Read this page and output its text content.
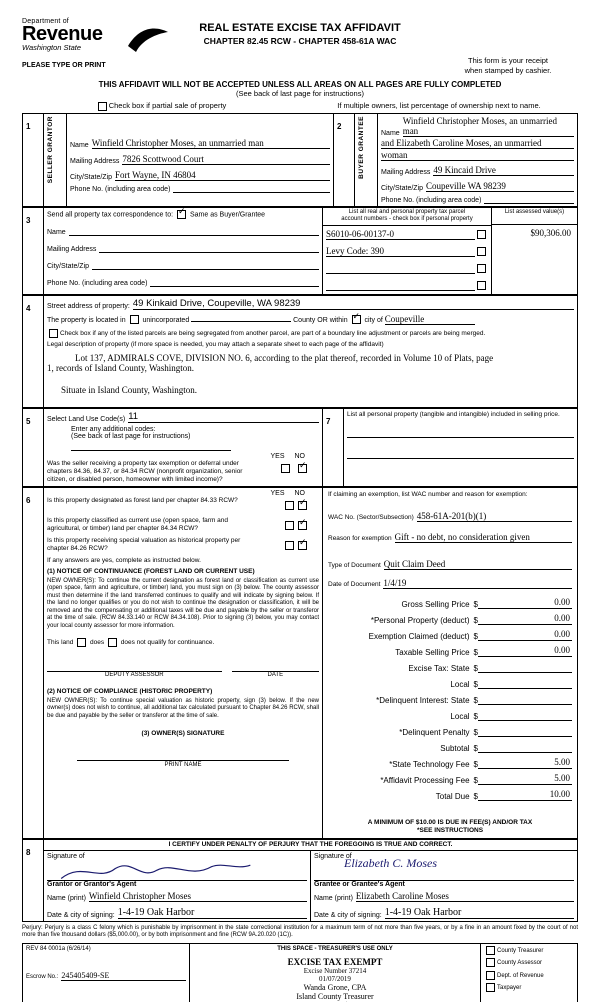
Department of
Revenue
Washington State
REAL ESTATE EXCISE TAX AFFIDAVIT
CHAPTER 82.45 RCW - CHAPTER 458-61A WAC
PLEASE TYPE OR PRINT
This form is your receipt
when stamped by cashier.
THIS AFFIDAVIT WILL NOT BE ACCEPTED UNLESS ALL AREAS ON ALL PAGES ARE FULLY COMPLETED
(See back of last page for instructions)
Check box if partial sale of property	If multiple owners, list percentage of ownership next to name.
1	SELLER GRANTOR	Name Winfield Christopher Moses, an unmarried man
Mailing Address 7826 Scottwood Court
City/State/Zip Fort Wayne, IN 46804
Phone No. (including area code)
	2	BUYER GRANTEE	Name
Winfield Christopher Moses, an unmarried man
and Elizabeth Caroline Moses, an unmarried
woman
Mailing Address 49 Kincaid Drive
City/State/Zip Coupeville WA 98239
Phone No. (including area code)
3	
Send all property tax correspondence to: ✓ Same as Buyer/Grantee
Name
Mailing Address
City/State/Zip
Phone No. (including area code)

List all real and personal property tax parcel
account numbers - check box if personal property
S6010-06-00137-0
Levy Code: 390

List assessed value(s)
$90,306.00
4	Street address of property: 49 Kinkaid Drive, Coupeville, WA 98239
The property is located in unincorporated	County OR within ✓ city of Coupeville
Check box if any of the listed parcels are being segregated from another parcel, are part of a boundary line adjustment or parcels are being merged.
Legal description of property (if more space is needed, you may attach a separate sheet to each page of the affidavit)
Lot 137, ADMIRALS COVE, DIVISION NO. 6, according to the plat thereof, recorded in Volume 10 of Plats, page
1, records of Island County, Washington.
Situate in Island County, Washington.
5	Select Land Use Code(s) 11
Enter any additional codes:
(See back of last page for instructions)
YES NO
Was the seller receiving a property tax exemption or deferral under
chapters 84.36, 84.37, or 84.34 RCW (nonprofit organization, senior
citizen, or disabled person, homeowner with limited income)?
✓
	7	
List all personal property (tangible and intangible) included in selling price.
6	
YES NO
Is this property designated as forest land per chapter 84.33 RCW?
✓
Is this property classified as current use (open space, farm and
agricultural, or timber) land per chapter 84.34 RCW?
✓
Is this property receiving special valuation as historical property per
chapter 84.26 RCW?
✓
If any answers are yes, complete as instructed below.
(1) NOTICE OF CONTINUANCE (FOREST LAND OR CURRENT USE)
NEW OWNER(S): To continue the current designation as forest land or classification as current use (open space, farm and agriculture, or timber) land, you must sign on (3) below. The county assessor must then determine if the land transferred continues to qualify and will indicate by signing below. If the land no longer qualifies or you do not wish to continue the designation or classification, it will be removed and the compensating or additional taxes will be due and payable by the seller or transferor at the time of sale. (RCW 84.33.140 or RCW 84.34.108). Prior to signing (3) below, you may contact your local county assessor for more information.
This land	does	does not qualify for continuance.
DEPUTY ASSESSOR	DATE
(2) NOTICE OF COMPLIANCE (HISTORIC PROPERTY)
NEW OWNER(S): To continue special valuation as historic property, sign (3) below. If the new owner(s) does not wish to continue, all additional tax calculated pursuant to Chapter 84.26 RCW, shall be due and payable by the seller or transferor at the time of sale.
(3) OWNER(S) SIGNATURE
PRINT NAME

If claiming an exemption, list WAC number and reason for exemption:
WAC No. (Sector/Subsection) 458-61A-201(b)(1)
Reason for exemption Gift - no debt, no consideration given
Type of Document Quit Claim Deed
Date of Document 1/4/19
Gross Selling Price $	0.00
*Personal Property (deduct) $	0.00
Exemption Claimed (deduct) $	0.00
Taxable Selling Price $	0.00
Excise Tax: State $
Local $
*Delinquent Interest: State $
Local $
*Delinquent Penalty $
Subtotal $
*State Technology Fee $	5.00
*Affidavit Processing Fee $	5.00
Total Due $	10.00
A MINIMUM OF $10.00 IS DUE IN FEE(S) AND/OR TAX
*SEE INSTRUCTIONS
8	
I CERTIFY UNDER PENALTY OF PERJURY THAT THE FOREGOING IS TRUE AND CORRECT.
Signature of
Grantor or Grantor's Agent
Name (print) Winfield Christopher Moses
Date & city of signing: 1-4-19 Oak Harbor

Signature of
Elizabeth C. Moses
Grantee or Grantee's Agent
Name (print) Elizabeth Caroline Moses
Date & city of signing: 1-4-19 Oak Harbor
Perjury: Perjury is a class C felony which is punishable by imprisonment in the state correctional institution for a maximum term of not more than five years, or by a fine in an amount fixed by the court of not more than five thousand dollars ($5,000.00), or by both imprisonment and fine (RCW 9A.20.020 (1C)).
REV 84 0001a (6/26/14)
Escrow No.: 245405409-SE

THIS SPACE - TREASURER'S USE ONLY
EXCISE TAX EXEMPT
Excise Number 37214
01/07/2019
Wanda Grone, CPA
Island County Treasurer

County Treasurer
County Assessor
Dept. of Revenue
Taxpayer
